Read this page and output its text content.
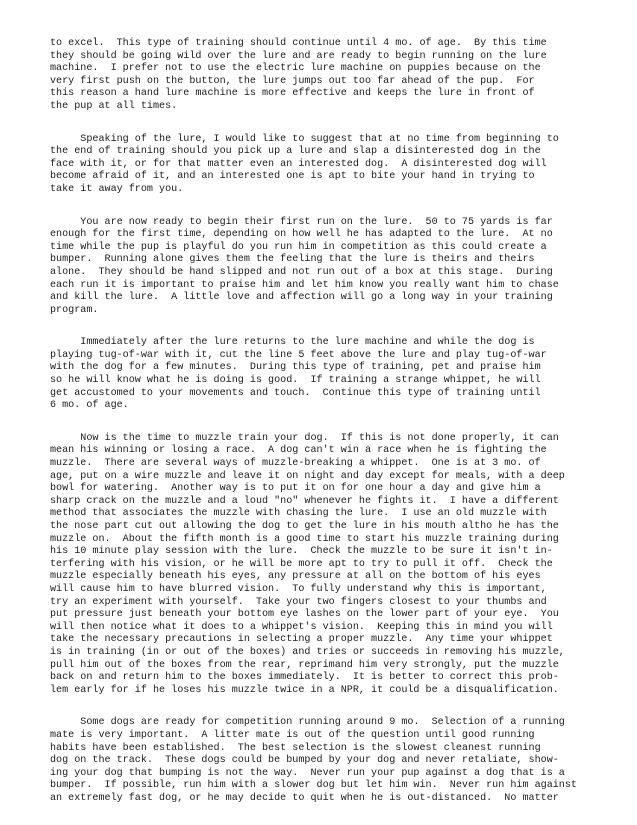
to excel.  This type of training should continue until 4 mo. of age.  By this time
they should be going wild over the lure and are ready to begin running on the lure
machine.  I prefer not to use the electric lure machine on puppies because on the
very first push on the button, the lure jumps out too far ahead of the pup.  For
this reason a hand lure machine is more effective and keeps the lure in front of
the pup at all times.
Speaking of the lure, I would like to suggest that at no time from beginning to
the end of training should you pick up a lure and slap a disinterested dog in the
face with it, or for that matter even an interested dog.  A disinterested dog will
become afraid of it, and an interested one is apt to bite your hand in trying to
take it away from you.
You are now ready to begin their first run on the lure.  50 to 75 yards is far
enough for the first time, depending on how well he has adapted to the lure.  At no
time while the pup is playful do you run him in competition as this could create a
bumper.  Running alone gives them the feeling that the lure is theirs and theirs
alone.  They should be hand slipped and not run out of a box at this stage.  During
each run it is important to praise him and let him know you really want him to chase
and kill the lure.  A little love and affection will go a long way in your training
program.
Immediately after the lure returns to the lure machine and while the dog is
playing tug-of-war with it, cut the line 5 feet above the lure and play tug-of-war
with the dog for a few minutes.  During this type of training, pet and praise him
so he will know what he is doing is good.  If training a strange whippet, he will
get accustomed to your movements and touch.  Continue this type of training until
6 mo. of age.
Now is the time to muzzle train your dog.  If this is not done properly, it can
mean his winning or losing a race.  A dog can't win a race when he is fighting the
muzzle.  There are several ways of muzzle-breaking a whippet.  One is at 3 mo. of
age, put on a wire muzzle and leave it on night and day except for meals, with a deep
bowl for watering.  Another way is to put it on for one hour a day and give him a
sharp crack on the muzzle and a loud "no" whenever he fights it.  I have a different
method that associates the muzzle with chasing the lure.  I use an old muzzle with
the nose part cut out allowing the dog to get the lure in his mouth altho he has the
muzzle on.  About the fifth month is a good time to start his muzzle training during
his 10 minute play session with the lure.  Check the muzzle to be sure it isn't in-
terfering with his vision, or he will be more apt to try to pull it off.  Check the
muzzle especially beneath his eyes, any pressure at all on the bottom of his eyes
will cause him to have blurred vision.  To fully understand why this is important,
try an experiment with yourself.  Take your two fingers closest to your thumbs and
put pressure just beneath your bottom eye lashes on the lower part of your eye.  You
will then notice what it does to a whippet's vision.  Keeping this in mind you will
take the necessary precautions in selecting a proper muzzle.  Any time your whippet
is in training (in or out of the boxes) and tries or succeeds in removing his muzzle,
pull him out of the boxes from the rear, reprimand him very strongly, put the muzzle
back on and return him to the boxes immediately.  It is better to correct this prob-
lem early for if he loses his muzzle twice in a NPR, it could be a disqualification.
Some dogs are ready for competition running around 9 mo.  Selection of a running
mate is very important.  A litter mate is out of the question until good running
habits have been established.  The best selection is the slowest cleanest running
dog on the track.  These dogs could be bumped by your dog and never retaliate, show-
ing your dog that bumping is not the way.  Never run your pup against a dog that is a
bumper.  If possible, run him with a slower dog but let him win.  Never run him against
an extremely fast dog, or he may decide to quit when he is out-distanced.  No matter
